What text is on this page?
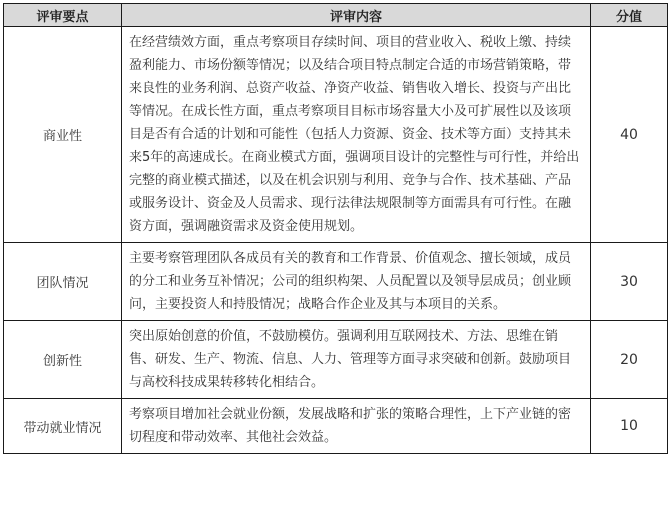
评审要点	评审内容	分值
商业性	在经营绩效方面，重点考察项目存续时间、项目的营业收入、税收上缴、持续盈利能力、市场份额等情况；以及结合项目特点制定合适的市场营销策略，带来良性的业务利润、总资产收益、净资产收益、销售收入增长、投资与产出比等情况。在成长性方面，重点考察项目目标市场容量大小及可扩展性以及该项目是否有合适的计划和可能性（包括人力资源、资金、技术等方面）支持其未来5年的高速成长。在商业模式方面，强调项目设计的完整性与可行性，并给出完整的商业模式描述，以及在机会识别与利用、竞争与合作、技术基础、产品或服务设计、资金及人员需求、现行法律法规限制等方面需具有可行性。在融资方面，强调融资需求及资金使用规划。	40
团队情况	主要考察管理团队各成员有关的教育和工作背景、价值观念、擅长领域，成员的分工和业务互补情况；公司的组织构架、人员配置以及领导层成员；创业顾问，主要投资人和持股情况；战略合作企业及其与本项目的关系。	30
创新性	突出原始创意的价值，不鼓励模仿。强调利用互联网技术、方法、思维在销售、研发、生产、物流、信息、人力、管理等方面寻求突破和创新。鼓励项目与高校科技成果转移转化相结合。	20
带动就业情况	考察项目增加社会就业份额，发展战略和扩张的策略合理性，上下产业链的密切程度和带动效率、其他社会效益。	10
